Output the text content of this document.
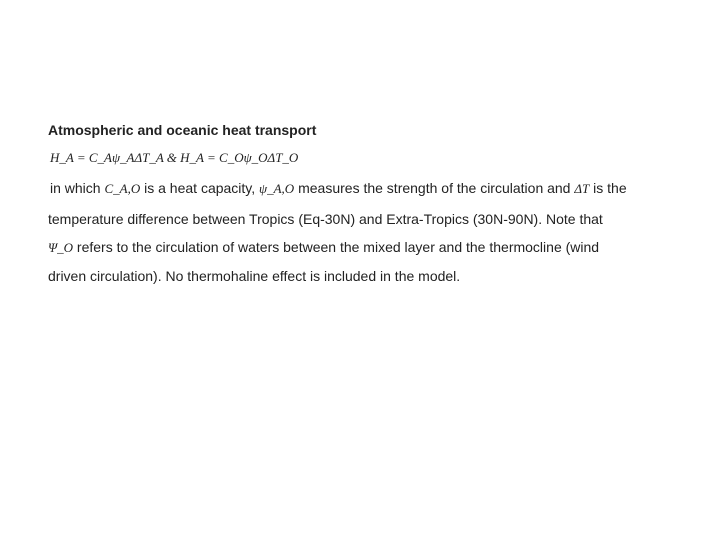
Atmospheric and oceanic heat transport
H_A = C_Aψ_AΔT_A & H_A = C_Oψ_OΔT_O
in which C_A,O is a heat capacity, ψ_A,O measures the strength of the circulation and ΔT is the
temperature difference between Tropics (Eq-30N) and Extra-Tropics (30N-90N). Note that
Ψ_O refers to the circulation of waters between the mixed layer and the thermocline (wind
driven circulation). No thermohaline effect is included in the model.
